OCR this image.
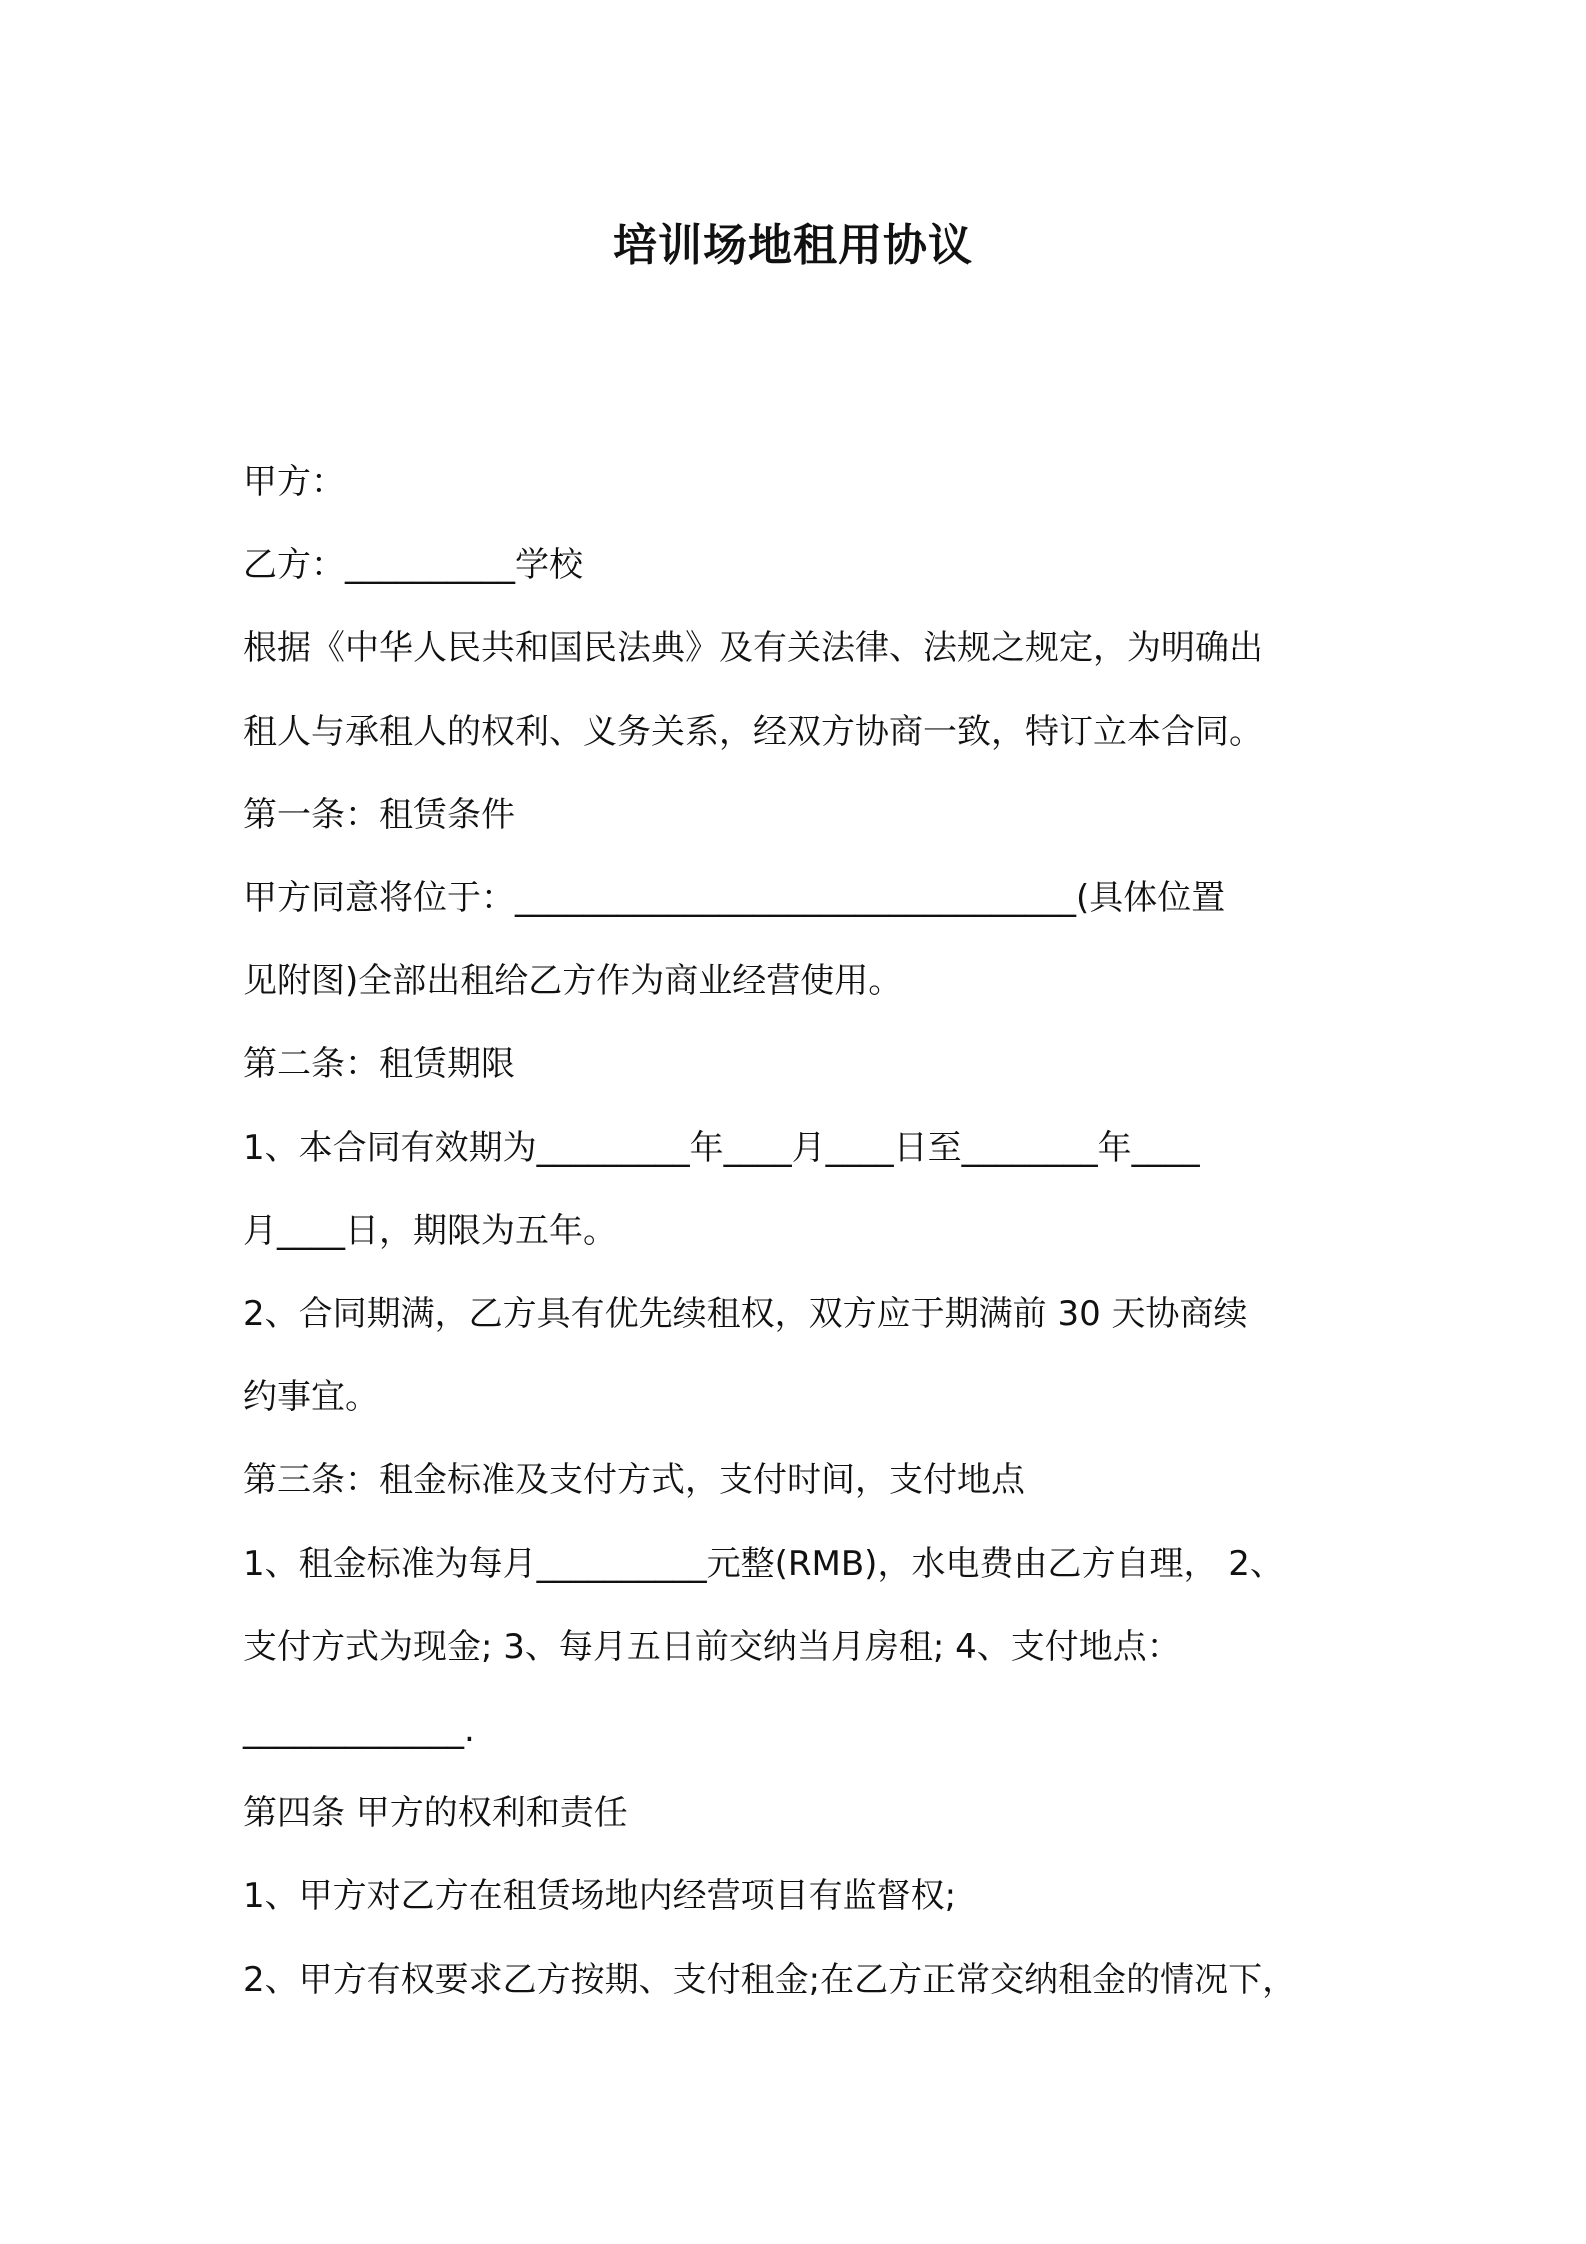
培训场地租用协议
甲方：
乙方：__________学校
根据《中华人民共和国民法典》及有关法律、法规之规定，为明确出
租人与承租人的权利、义务关系，经双方协商一致，特订立本合同。
第一条：租赁条件
甲方同意将位于：_________________________________(具体位置
见附图)全部出租给乙方作为商业经营使用。
第二条：租赁期限
1、本合同有效期为_________年____月____日至________年____
月____日，期限为五年。
2、合同期满，乙方具有优先续租权，双方应于期满前 30 天协商续
约事宜。
第三条：租金标准及支付方式，支付时间，支付地点
1、租金标准为每月__________元整(RMB)，水电费由乙方自理， 2、
支付方式为现金; 3、每月五日前交纳当月房租; 4、支付地点：
_____________.
第四条 甲方的权利和责任
1、甲方对乙方在租赁场地内经营项目有监督权;
2、甲方有权要求乙方按期、支付租金;在乙方正常交纳租金的情况下，
